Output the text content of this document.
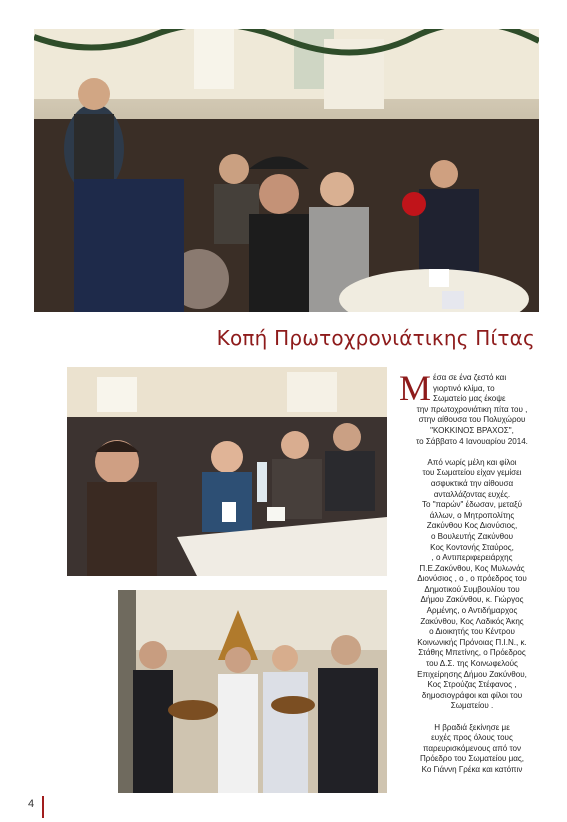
Κοπή Πρωτοχρονιάτικης Πίτας
Μ έσα σε ένα ζεστό και

γιορτινό κλίμα, το

Σωματείο μας έκοψε

την πρωτοχρονιάτικη πίτα του ,

στην αίθουσα του Πολυχώρου

"ΚΟΚΚΙΝΟΣ ΒΡΑΧΟΣ",

το Σάββατο 4 Ιανουαρίου 2014.

Από νωρίς μέλη και φίλοι

του Σωματείου είχαν γεμίσει

ασφυκτικά την αίθουσα

ανταλλάζοντας ευχές.

Το "παρών" έδωσαν, μεταξύ

άλλων, ο Μητροπολίτης

Ζακύνθου Κος Διονύσιος,

ο Βουλευτής Ζακύνθου

Κος Κοντονής Σταύρος,

, ο Αντιπεριφερειάρχης

Π.Ε.Ζακύνθου, Κος Μυλωνάς

Διονύσιος , ο , ο πρόεδρος του

Δημοτικού Συμβουλίου του

Δήμου Ζακύνθου, κ. Γιώργος

Αρμένης, ο Αντιδήμαρχος

Ζακύνθου, Κος Λαδικός Άκης

ο Διοικητής του Κέντρου

Κοινωνικής Πρόνοιας Π.Ι.Ν., κ.

Στάθης Μπετίνης, ο Πρόεδρος

του Δ.Σ. της Κοινωφελούς

Επιχείρησης Δήμου Ζακύνθου,

Κος Στρούζας Στέφανος ,

δημοσιογράφοι και φίλοι του

Σωματείου .

Η βραδιά ξεκίνησε με

ευχές προς όλους τους

παρευρισκόμενους από τον

Πρόεδρο του Σωματείου μας,

Κο Γιάννη Γρέκα και κατόπιν

4
